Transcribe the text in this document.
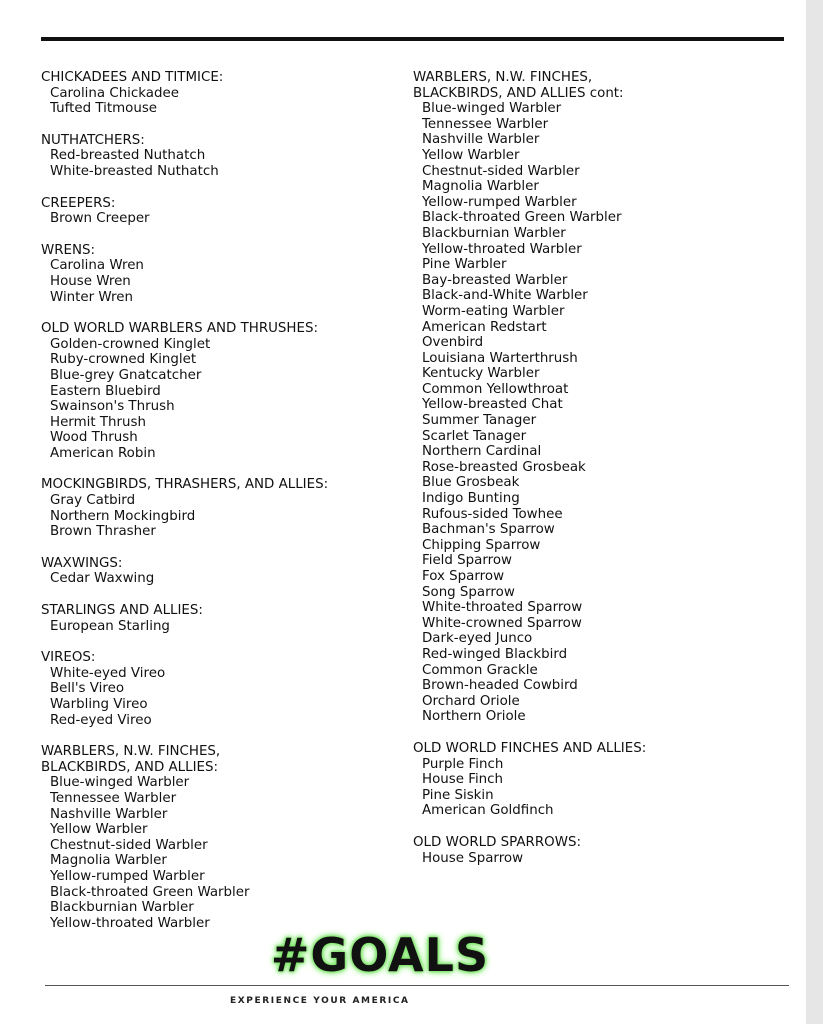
CHICKADEES AND TITMICE:
Carolina Chickadee
Tufted Titmouse
NUTHATCHERS:
Red-breasted Nuthatch
White-breasted Nuthatch
CREEPERS:
Brown Creeper
WRENS:
Carolina Wren
House Wren
Winter Wren
OLD WORLD WARBLERS AND THRUSHES:
Golden-crowned Kinglet
Ruby-crowned Kinglet
Blue-grey Gnatcatcher
Eastern Bluebird
Swainson's Thrush
Hermit Thrush
Wood Thrush
American Robin
MOCKINGBIRDS, THRASHERS, AND ALLIES:
Gray Catbird
Northern Mockingbird
Brown Thrasher
WAXWINGS:
Cedar Waxwing
STARLINGS AND ALLIES:
European Starling
VIREOS:
White-eyed Vireo
Bell's Vireo
Warbling Vireo
Red-eyed Vireo
WARBLERS, N.W. FINCHES,
BLACKBIRDS, AND ALLIES:
Blue-winged Warbler
Tennessee Warbler
Nashville Warbler
Yellow Warbler
Chestnut-sided Warbler
Magnolia Warbler
Yellow-rumped Warbler
Black-throated Green Warbler
Blackburnian Warbler
Yellow-throated Warbler
WARBLERS, N.W. FINCHES,
BLACKBIRDS, AND ALLIES cont:
Blue-winged Warbler
Tennessee Warbler
Nashville Warbler
Yellow Warbler
Chestnut-sided Warbler
Magnolia Warbler
Yellow-rumped Warbler
Black-throated Green Warbler
Blackburnian Warbler
Yellow-throated Warbler
Pine Warbler
Bay-breasted Warbler
Black-and-White Warbler
Worm-eating Warbler
American Redstart
Ovenbird
Louisiana Warterthrush
Kentucky Warbler
Common Yellowthroat
Yellow-breasted Chat
Summer Tanager
Scarlet Tanager
Northern Cardinal
Rose-breasted Grosbeak
Blue Grosbeak
Indigo Bunting
Rufous-sided Towhee
Bachman's Sparrow
Chipping Sparrow
Field Sparrow
Fox Sparrow
Song Sparrow
White-throated Sparrow
White-crowned Sparrow
Dark-eyed Junco
Red-winged Blackbird
Common Grackle
Brown-headed Cowbird
Orchard Oriole
Northern Oriole
OLD WORLD FINCHES AND ALLIES:
Purple Finch
House Finch
Pine Siskin
American Goldfinch
OLD WORLD SPARROWS:
House Sparrow
#GOALS
EXPERIENCE YOUR AMERICA
